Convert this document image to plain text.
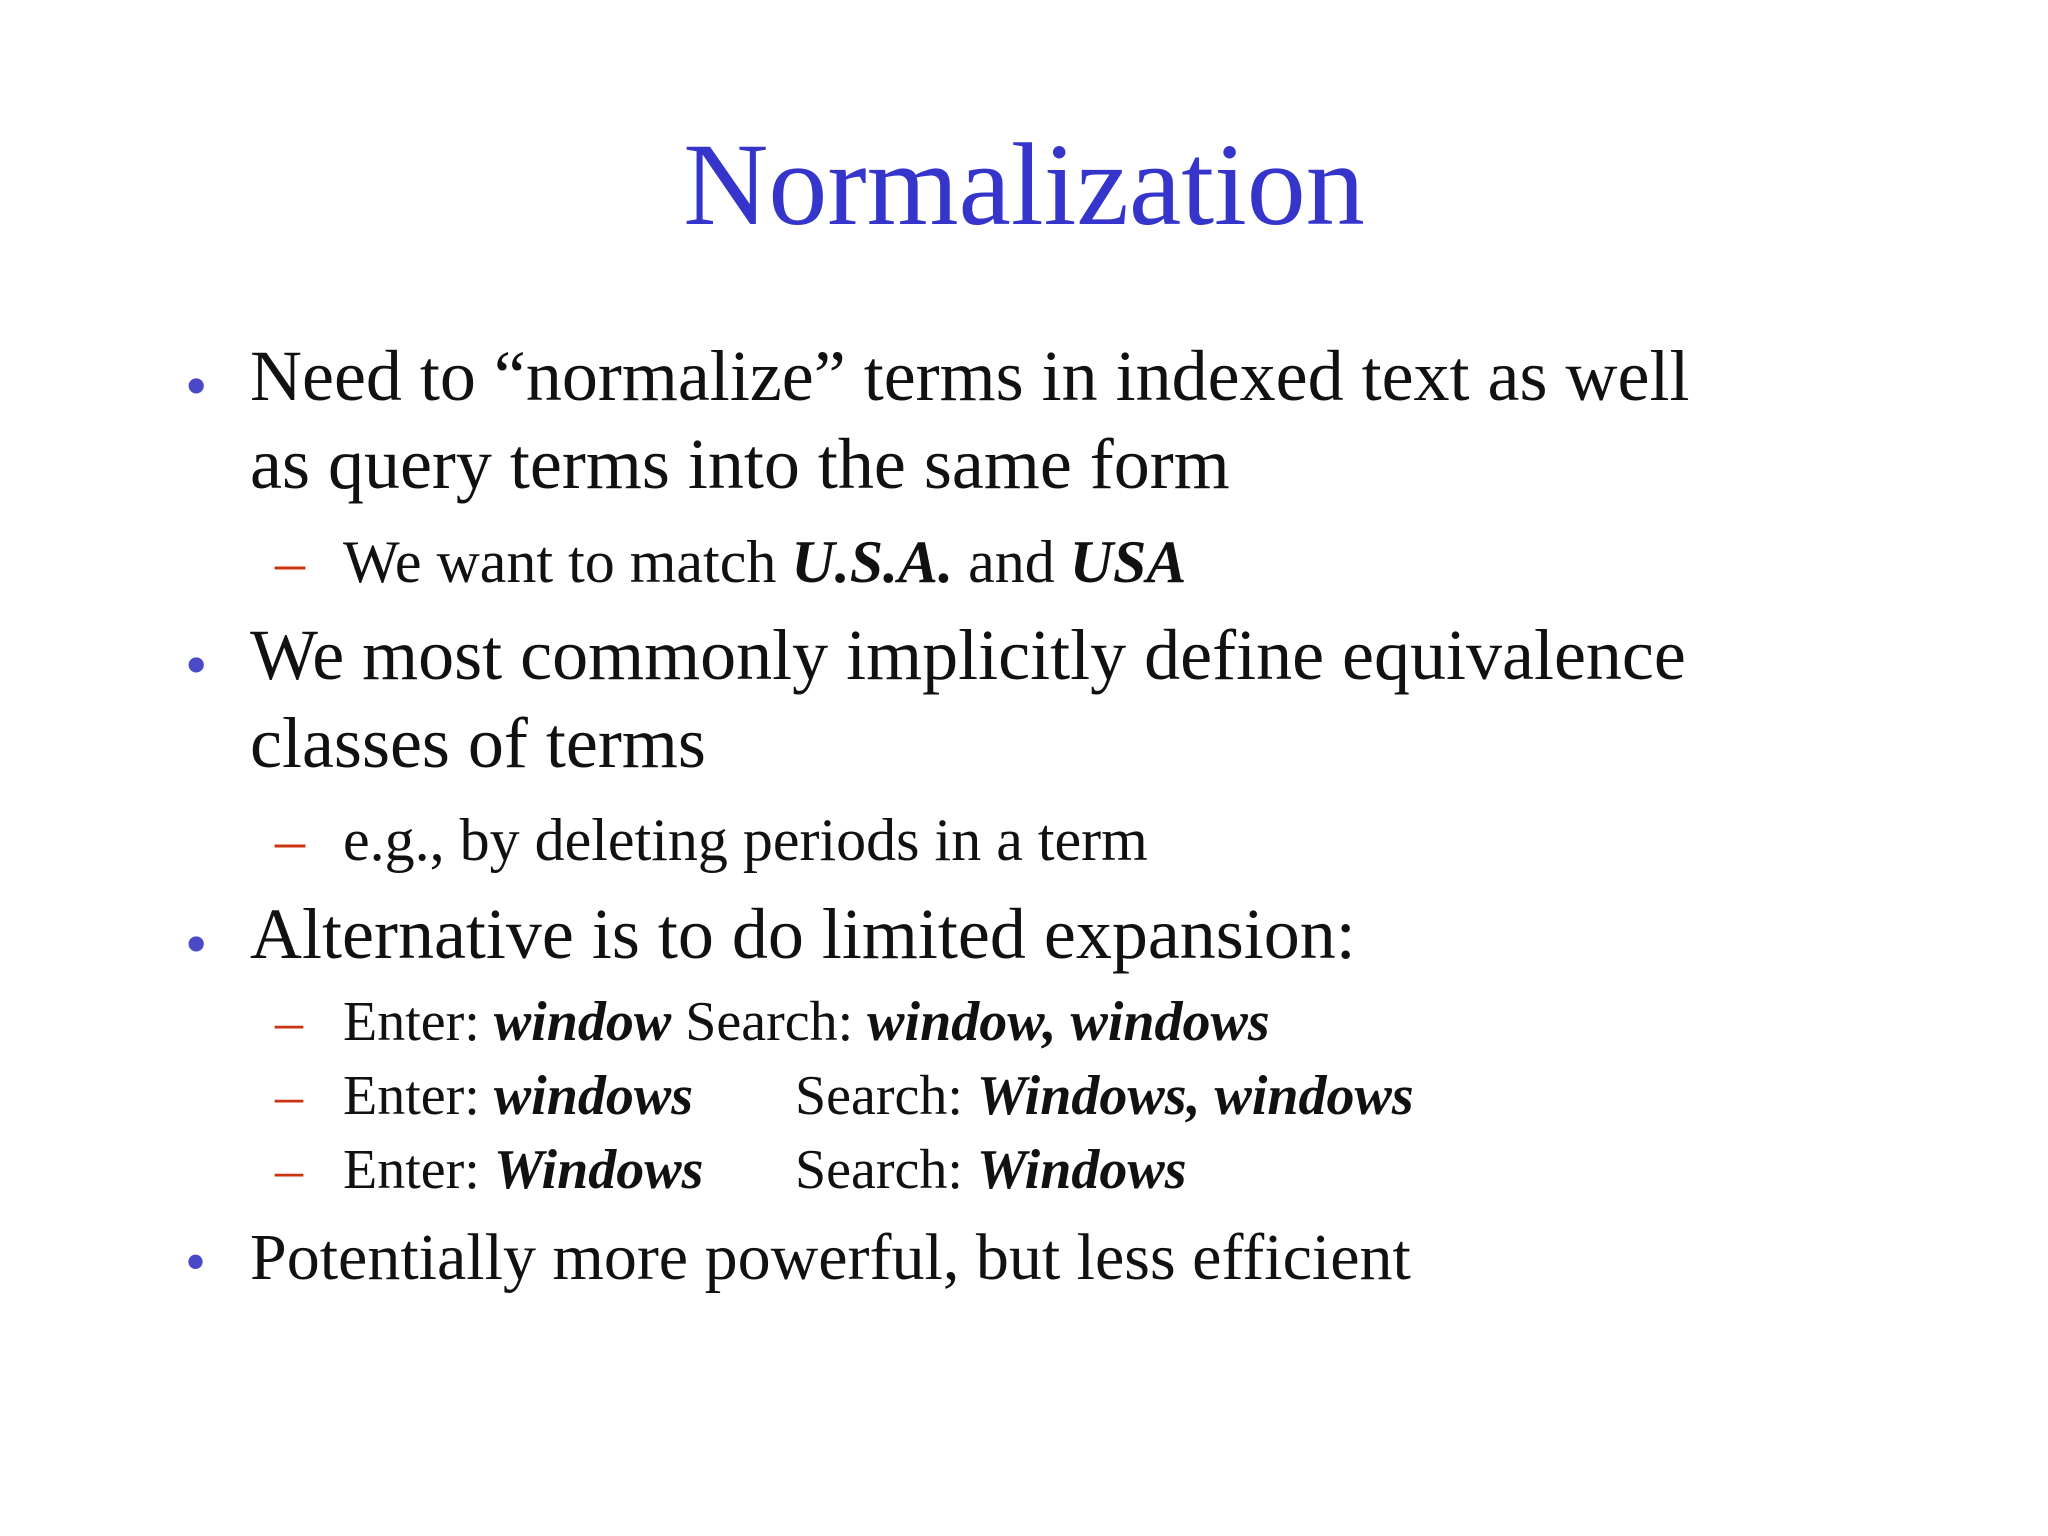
Normalization
• Need to “normalize” terms in indexed text as well
as query terms into the same form
– We want to match U.S.A. and USA
• We most commonly implicitly define equivalence
classes of terms
– e.g., by deleting periods in a term
• Alternative is to do limited expansion:
– Enter: window Search: window, windows
– Enter: windows Search: Windows, windows
– Enter: Windows Search: Windows
• Potentially more powerful, but less efficient
